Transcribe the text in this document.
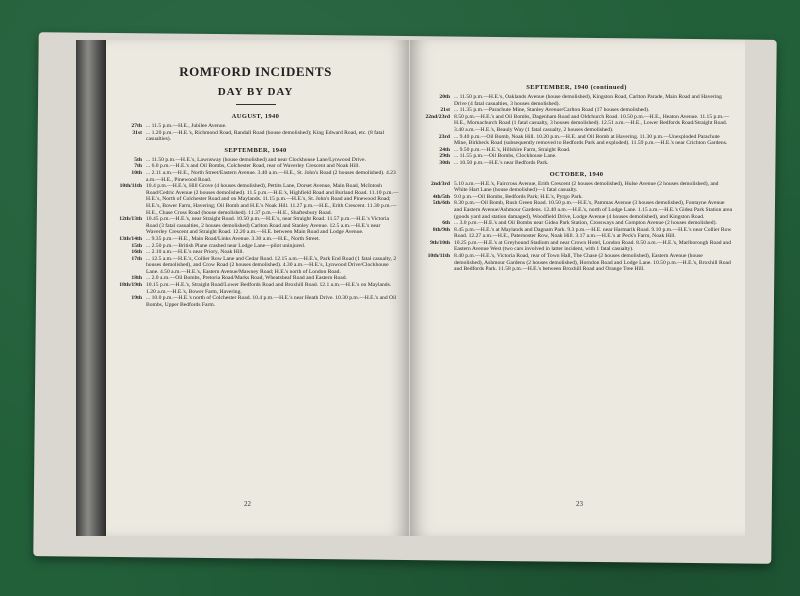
ROMFORD INCIDENTS
DAY BY DAY
AUGUST, 1940
27th ... 11.5 p.m.—H.E., Jubilee Avenue.
31st ... 1.20 p.m.—H.E.'s, Richmond Road, Randall Road (house demolished); King Edward Road, etc. (8 fatal casualties).
SEPTEMBER, 1940
5th ... 11.50 p.m.—H.E.'s, Lawnsway (house demolished) and near Clockhouse Lane/Lynwood Drive.
7th ... 6.0 p.m.—H.E.'s and Oil Bombs, Colchester Road, rear of Waverley Crescent and Noak Hill.
10th ... 2.11 a.m.—H.E., North Street/Eastern Avenue. 3.40 a.m.—H.E., St. John's Road (2 houses demolished). 4.23 a.m.—H.E., Pinewood Road.
10th/11th 10.4 p.m.—H.E.'s, Hill Grove (4 houses demolished), Pettits Lane, Dorset Avenue, Main Road, McIntosh Road/Cedric Avenue (2 houses demolished). 11.5 p.m.—H.E.'s, Highfield Road and Burland Road. 11.10 p.m.—H.E.'s, North of Colchester Road and on Maylands. 11.15 p.m.—H.E.'s, St. John's Road and Pinewood Road; H.E.'s, Bower Farm, Havering; Oil Bomb and H.E.'s Noak Hill. 11.27 p.m.—H.E., Erith Crescent. 11.30 p.m.—H.E., Chase Cross Road (house demolished). 11.37 p.m.—H.E., Shaftesbury Road.
12th/13th 10.45 p.m.—H.E.'s, near Straight Road. 10.50 p.m.—H.E.'s, near Straight Road. 11.57 p.m.—H.E.'s Victoria Road (3 fatal casualties, 2 houses demolished) Carlton Road and Stanley Avenue. 12.5 a.m.—H.E.'s near Waverley Crescent and Straight Road. 12.20 a.m.—H.E. between Main Road and Lodge Avenue.
13th/14th ... 9.35 p.m.—H.E., Main Road/Links Avenue. 3.30 a.m.—H.E., North Street.
15th ... 2.50 p.m.—British Plane crashed near Lodge Lane—pilot uninjured.
16th ... 2.10 a.m.—H.E.'s near Priory, Noak Hill.
17th ... 12.5 a.m.—H.E.'s, Collier Row Lane and Cedar Road. 12.15 a.m.—H.E.'s, Park End Road (1 fatal casualty, 2 houses demolished), and Crow Road (2 houses demolished). 4.30 a.m.—H.E.'s, Lynwood Drive/Clockhouse Lane. 4.50 a.m.—H.E.'s, Eastern Avenue/Mawney Road; H.E.'s north of London Road.
18th ... 2.0 a.m.—Oil Bombs, Pretoria Road/Marks Road, Wheatsheaf Road and Eastern Road.
18th/19th 10.15 p.m.—H.E.'s, Straight Road/Lower Bedfords Road and Broxhill Road. 12.1 a.m.—H.E.'s on Maylands. 1.20 a.m.—H.E.'s, Bower Farm, Havering.
19th ... 10.0 p.m.—H.E.'s north of Colchester Road. 10.4 p.m.—H.E.'s near Heath Drive. 10.30 p.m.—H.E.'s and Oil Bombs, Upper Bedfords Farm.
22
SEPTEMBER, 1940 (continued)
20th ... 11.50 p.m.—H.E.'s, Oaklands Avenue (house demolished), Kingston Road, Carlton Parade, Main Road and Havering Drive (4 fatal casualties, 3 houses demolished).
21st ... 11.35 p.m.—Parachute Mine, Stanley Avenue/Carlton Road (17 houses demolished).
22nd/23rd 8.50 p.m.—H.E.'s and Oil Bombs, Dagenham Road and Oldchurch Road. 10.50 p.m.—H.E., Heaton Avenue. 11.15 p.m.—H.E., Mornachurch Road (1 fatal casualty, 3 houses demolished). 12.51 a.m.—H.E., Lower Bedfords Road/Straight Road. 3.40 a.m.—H.E.'s, Beauly Way (1 fatal casualty, 2 houses demolished).
23rd ... 9.40 p.m.—Oil Bomb, Noak Hill. 10.20 p.m.—H.E. and Oil Bomb at Havering. 11.30 p.m.—Unexploded Parachute Mine, Birkbeck Road (subsequently removed to Bedfords Park and exploded). 11.59 p.m.—H.E.'s near Crichton Gardens.
24th ... 9.50 p.m.—H.E.'s, Hillshire Farm, Straight Road.
29th ... 11.55 p.m.—Oil Bombs, Clockhouse Lane.
30th ... 10.50 p.m.—H.E.'s near Bedfords Park.
OCTOBER, 1940
2nd/3rd 5.10 a.m.—H.E.'s, Faircross Avenue, Erith Crescent (2 houses demolished), Hulse Avenue (2 houses demolished), and White Hart Lane (house demolished)—1 fatal casualty.
4th/5th 9.0 p.m.—Oil Bombs, Bedfords Park; H.E.'s, Pyrgo Park.
5th/6th 8.30 p.m.—Oil Bomb, Rush Green Road. 10.50 p.m.—H.E.'s, Pammas Avenue (3 houses demolished), Fontayne Avenue and Eastern Avenue/Ashmour Gardens. 12.40 a.m.—H.E.'s, north of Lodge Lane. 1.15 a.m.—H.E.'s Gidea Park Station area (goods yard and station damaged), Woodfield Drive, Lodge Avenue (4 houses demolished), and Kingston Road.
6th ... 3.0 p.m.—H.E.'s and Oil Bombs near Gidea Park Station, Crossways and Compton Avenue (2 houses demolished).
8th/9th 8.45 p.m.—H.E.'s at Maylands and Dagnam Park. 9.3 p.m.—H.E. near Harmarik Road. 9.10 p.m.—H.E.'s near Collier Row Road. 12.27 a.m.—H.E., Paternoster Row, Noak Hill. 3.17 a.m.—H.E.'s at Peck's Farm, Noak Hill.
9th/10th 10.25 p.m.—H.E.'s at Greyhound Stadium and near Crown Hotel, London Road. 8.50 a.m.—H.E.'s, Marlborough Road and Eastern Avenue West (two cars involved in latter incident, with 1 fatal casualty).
10th/11th 8.40 p.m.—H.E.'s, Victoria Road, rear of Town Hall, The Chase (2 houses demolished), Eastern Avenue (house demolished), Ashmour Gardens (2 houses demolished), Horndon Road and Lodge Lane. 10.50 p.m.—H.E.'s, Broxhill Road and Bedfords Park. 11.58 p.m.—H.E.'s between Broxhill Road and Orange Tree Hill.
23
